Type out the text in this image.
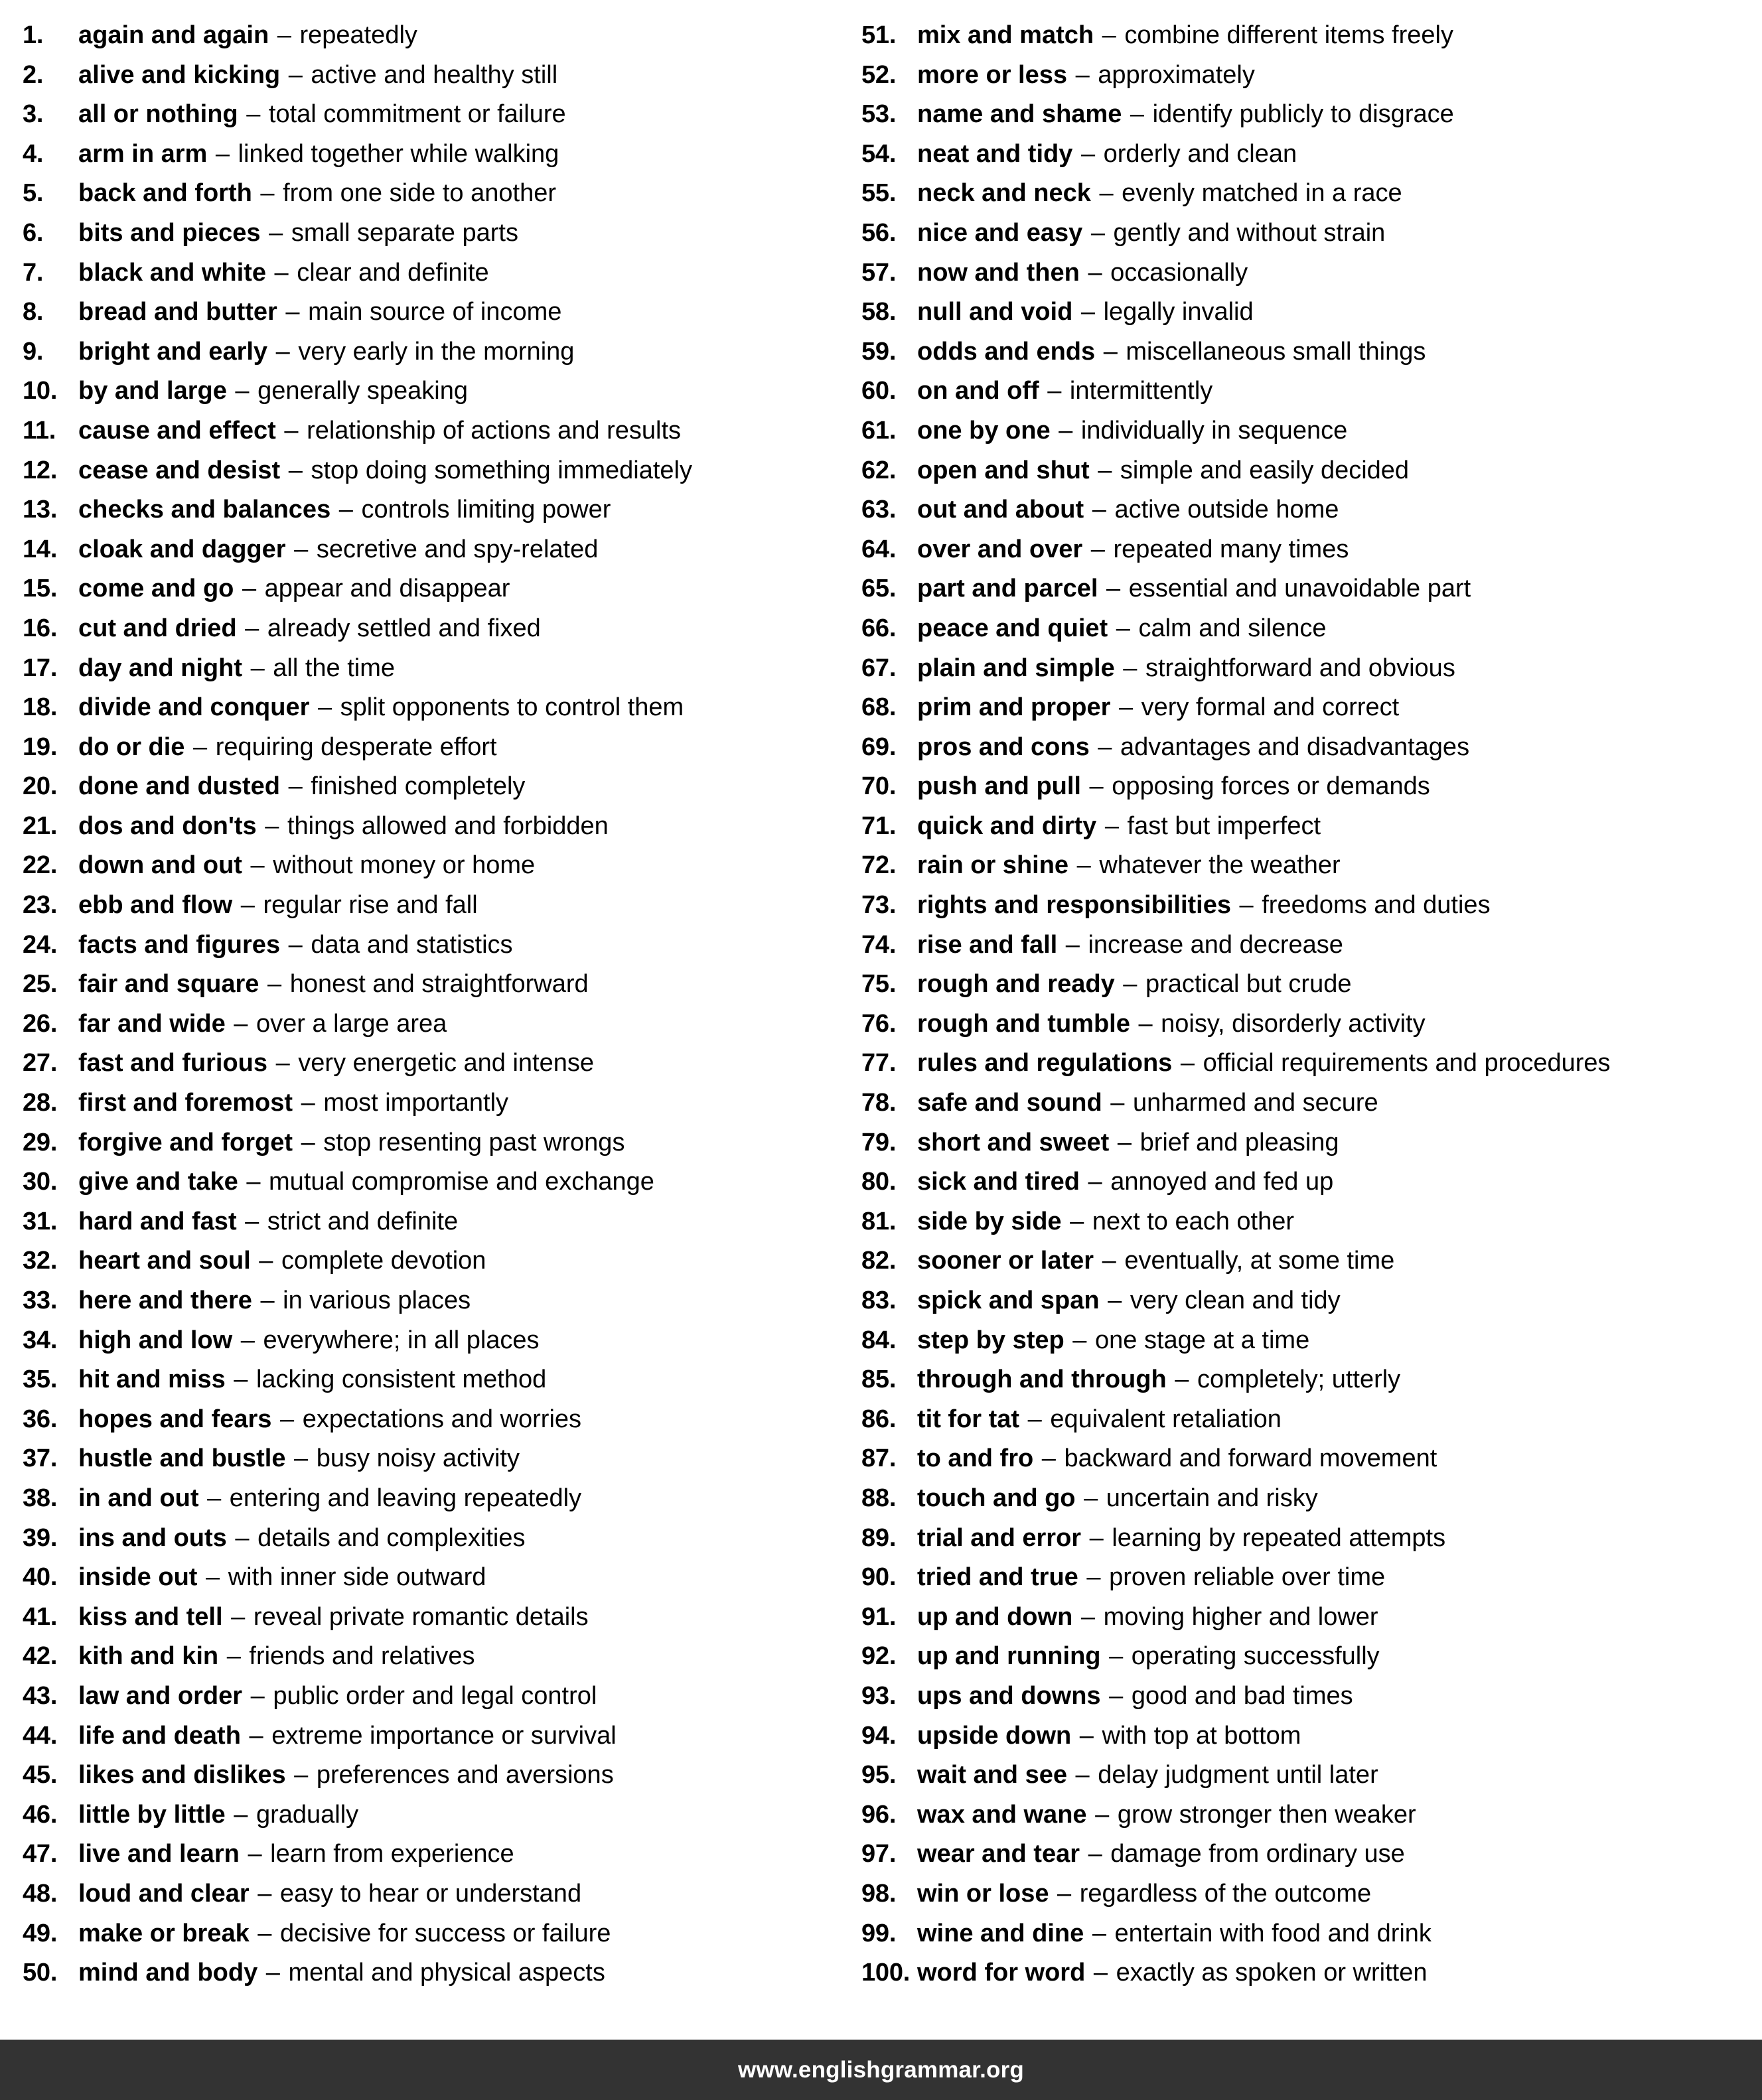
1.	again and again – repeatedly
2.	alive and kicking – active and healthy still
3.	all or nothing – total commitment or failure
4.	arm in arm – linked together while walking
5.	back and forth – from one side to another
6.	bits and pieces – small separate parts
7.	black and white – clear and definite
8.	bread and butter – main source of income
9.	bright and early – very early in the morning
10. by and large – generally speaking
11. cause and effect – relationship of actions and results
12. cease and desist – stop doing something immediately
13. checks and balances – controls limiting power
14. cloak and dagger – secretive and spy-related
15. come and go – appear and disappear
16. cut and dried – already settled and fixed
17. day and night – all the time
18. divide and conquer – split opponents to control them
19. do or die – requiring desperate effort
20. done and dusted – finished completely
21. dos and don'ts – things allowed and forbidden
22. down and out – without money or home
23. ebb and flow – regular rise and fall
24. facts and figures – data and statistics
25. fair and square – honest and straightforward
26. far and wide – over a large area
27. fast and furious – very energetic and intense
28. first and foremost – most importantly
29. forgive and forget – stop resenting past wrongs
30. give and take – mutual compromise and exchange
31. hard and fast – strict and definite
32. heart and soul – complete devotion
33. here and there – in various places
34. high and low – everywhere; in all places
35. hit and miss – lacking consistent method
36. hopes and fears – expectations and worries
37. hustle and bustle – busy noisy activity
38. in and out – entering and leaving repeatedly
39. ins and outs – details and complexities
40. inside out – with inner side outward
41. kiss and tell – reveal private romantic details
42. kith and kin – friends and relatives
43. law and order – public order and legal control
44. life and death – extreme importance or survival
45. likes and dislikes – preferences and aversions
46. little by little – gradually
47. live and learn – learn from experience
48. loud and clear – easy to hear or understand
49. make or break – decisive for success or failure
50. mind and body – mental and physical aspects
51. mix and match – combine different items freely
52. more or less – approximately
53. name and shame – identify publicly to disgrace
54. neat and tidy – orderly and clean
55. neck and neck – evenly matched in a race
56. nice and easy – gently and without strain
57. now and then – occasionally
58. null and void – legally invalid
59. odds and ends – miscellaneous small things
60. on and off – intermittently
61. one by one – individually in sequence
62. open and shut – simple and easily decided
63. out and about – active outside home
64. over and over – repeated many times
65. part and parcel – essential and unavoidable part
66. peace and quiet – calm and silence
67. plain and simple – straightforward and obvious
68. prim and proper – very formal and correct
69. pros and cons – advantages and disadvantages
70. push and pull – opposing forces or demands
71. quick and dirty – fast but imperfect
72. rain or shine – whatever the weather
73. rights and responsibilities – freedoms and duties
74. rise and fall – increase and decrease
75. rough and ready – practical but crude
76. rough and tumble – noisy, disorderly activity
77. rules and regulations – official requirements and procedures
78. safe and sound – unharmed and secure
79. short and sweet – brief and pleasing
80. sick and tired – annoyed and fed up
81. side by side – next to each other
82. sooner or later – eventually, at some time
83. spick and span – very clean and tidy
84. step by step – one stage at a time
85. through and through – completely; utterly
86. tit for tat – equivalent retaliation
87. to and fro – backward and forward movement
88. touch and go – uncertain and risky
89. trial and error – learning by repeated attempts
90. tried and true – proven reliable over time
91. up and down – moving higher and lower
92. up and running – operating successfully
93. ups and downs – good and bad times
94. upside down – with top at bottom
95. wait and see – delay judgment until later
96. wax and wane – grow stronger then weaker
97. wear and tear – damage from ordinary use
98. win or lose – regardless of the outcome
99. wine and dine – entertain with food and drink
100. word for word – exactly as spoken or written
www.englishgrammar.org
